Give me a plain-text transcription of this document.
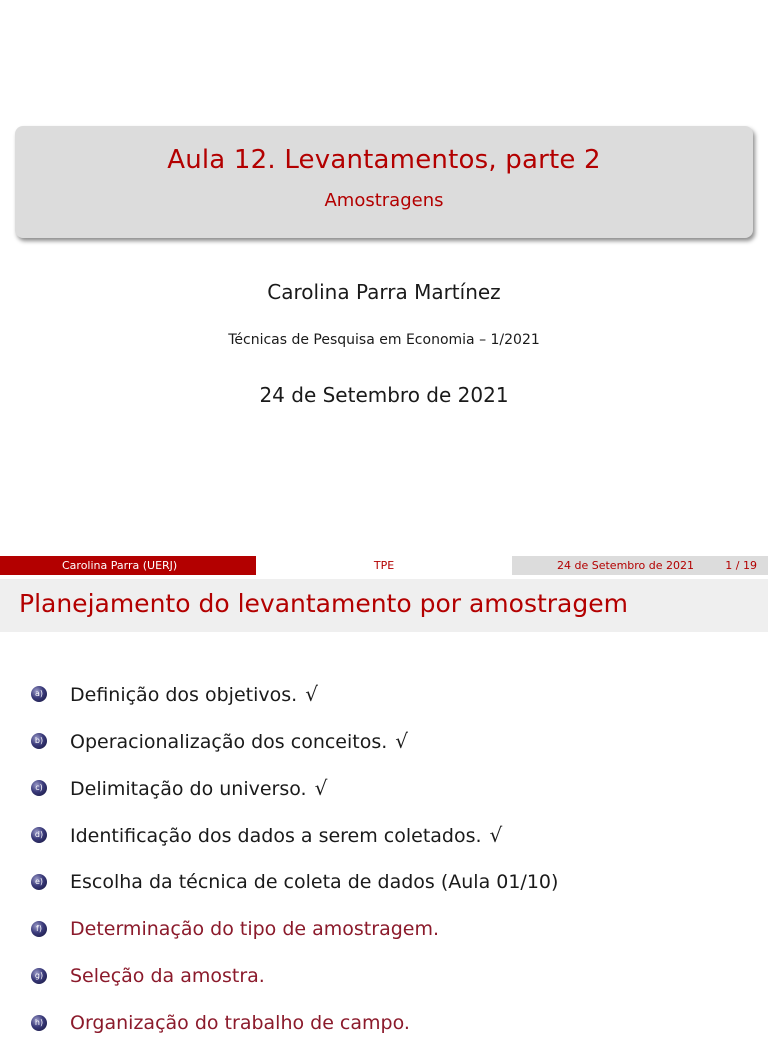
Aula 12. Levantamentos, parte 2
Amostragens
Carolina Parra Martínez
Técnicas de Pesquisa em Economia – 1/2021
24 de Setembro de 2021
Carolina Parra (UERJ)	TPE	24 de Setembro de 2021	1 / 19
Planejamento do levantamento por amostragem
a) Definição dos objetivos. √
b) Operacionalização dos conceitos. √
c) Delimitação do universo. √
d) Identificação dos dados a serem coletados. √
e) Escolha da técnica de coleta de dados (Aula 01/10)
f) Determinação do tipo de amostragem.
g) Seleção da amostra.
h) Organização do trabalho de campo.
